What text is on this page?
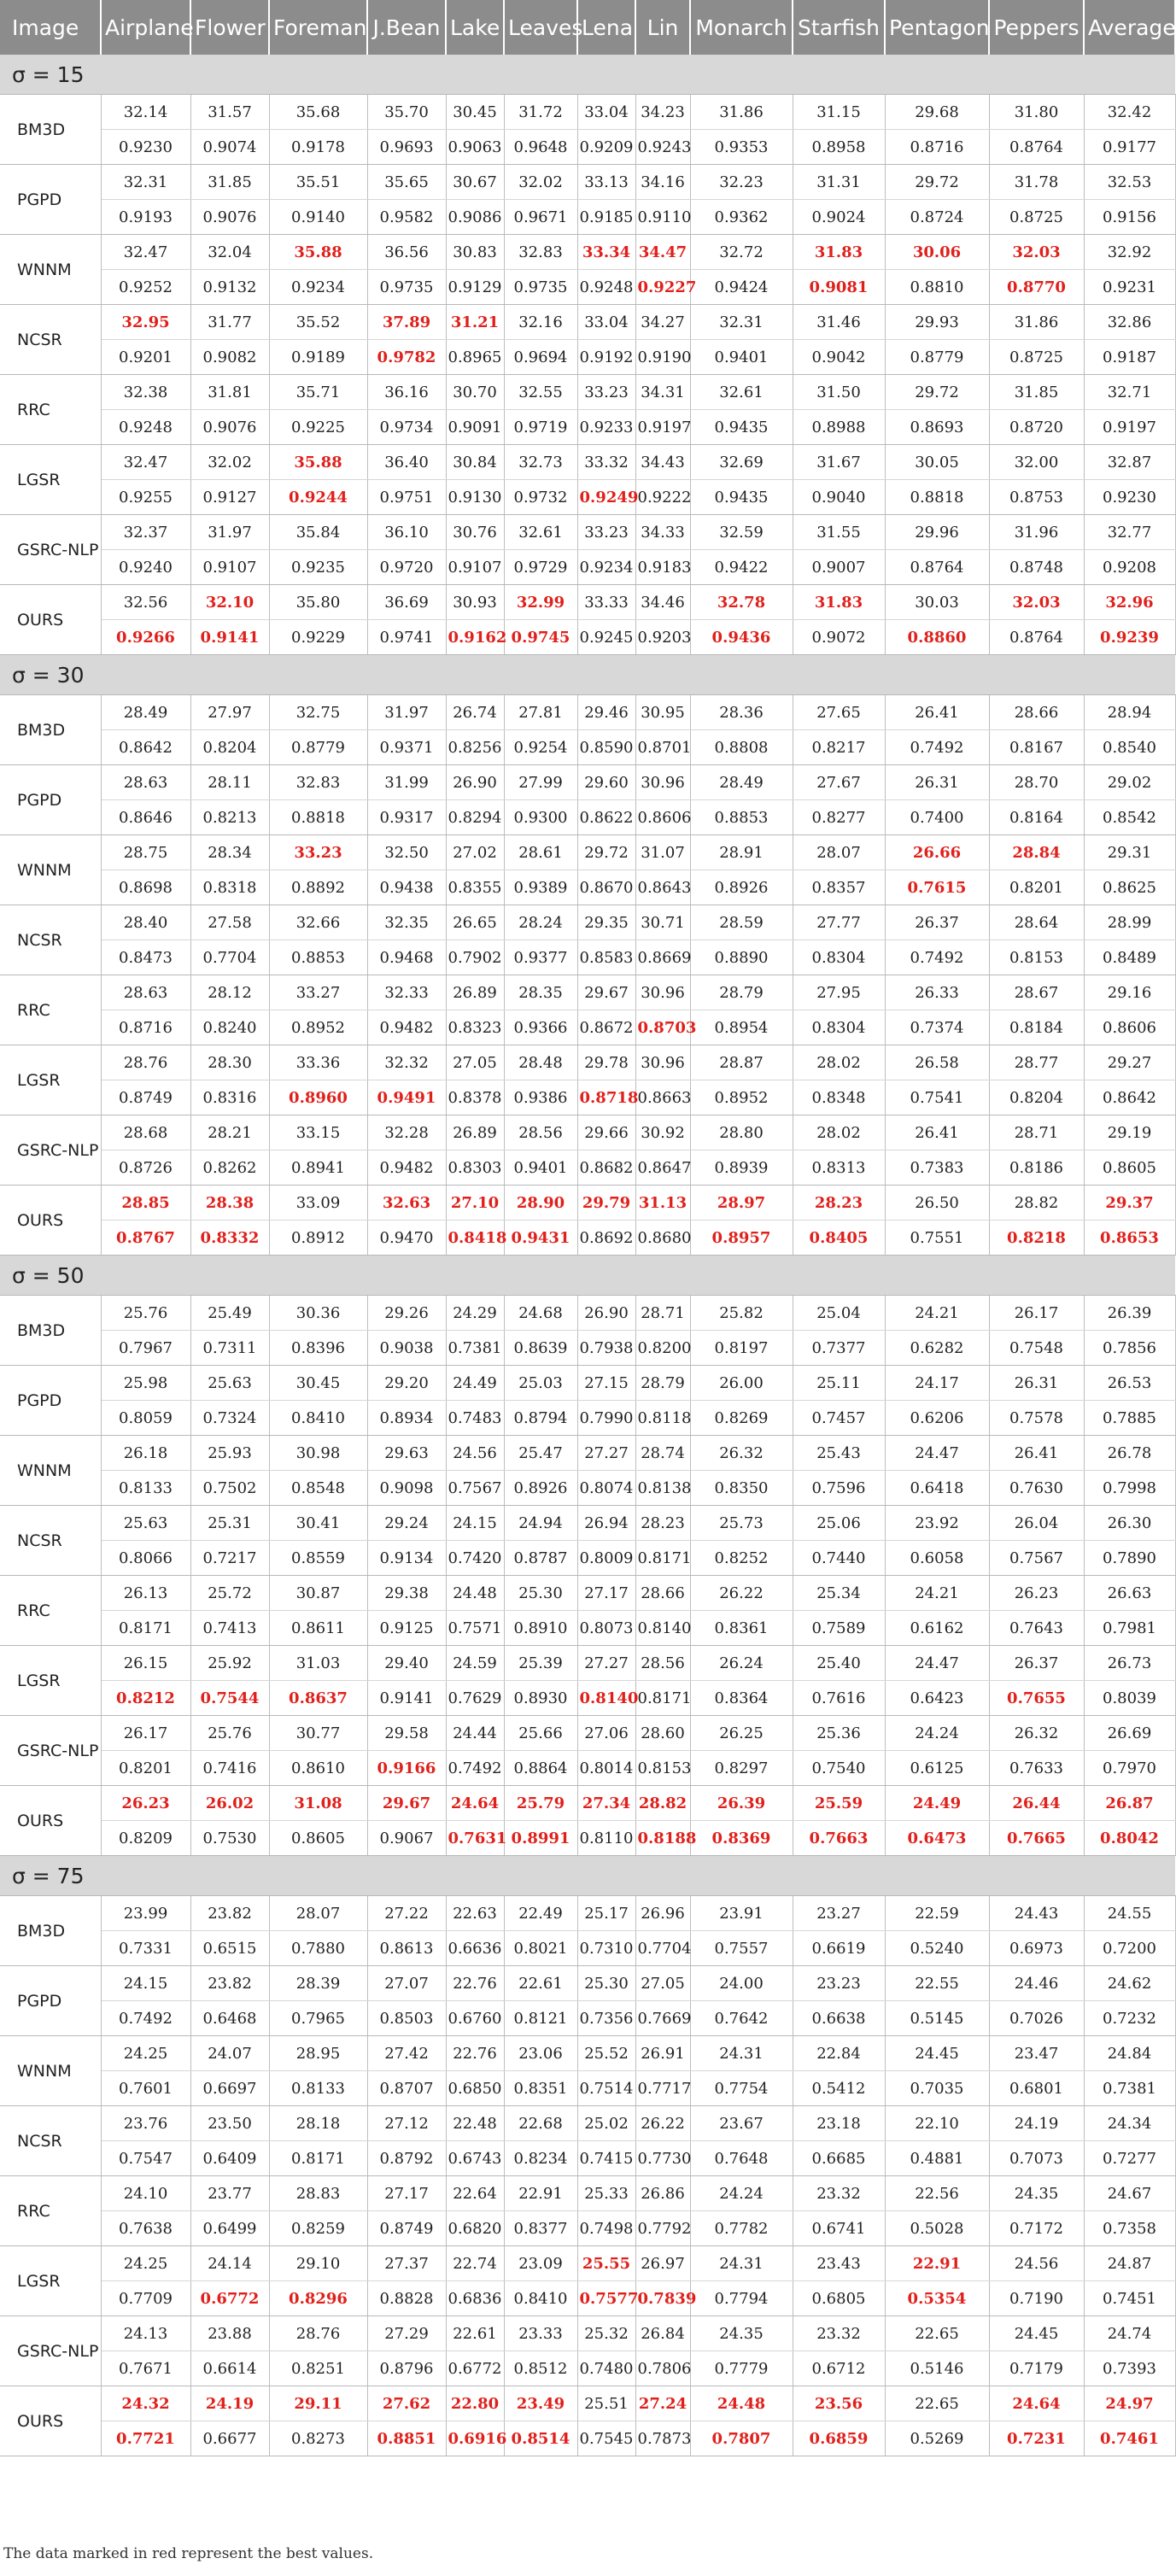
Image	Airplane	Flower	Foreman	J.Bean	Lake	Leaves	Lena	Lin	Monarch	Starfish	Pentagon	Peppers	Average
σ = 15													
BM3D	32.14	31.57	35.68	35.70	30.45	31.72	33.04	34.23	31.86	31.15	29.68	31.80	32.42
	0.9230	0.9074	0.9178	0.9693	0.9063	0.9648	0.9209	0.9243	0.9353	0.8958	0.8716	0.8764	0.9177
PGPD	32.31	31.85	35.51	35.65	30.67	32.02	33.13	34.16	32.23	31.31	29.72	31.78	32.53
	0.9193	0.9076	0.9140	0.9582	0.9086	0.9671	0.9185	0.9110	0.9362	0.9024	0.8724	0.8725	0.9156
WNNM	32.47	32.04	35.88	36.56	30.83	32.83	33.34	34.47	32.72	31.83	30.06	32.03	32.92
	0.9252	0.9132	0.9234	0.9735	0.9129	0.9735	0.9248	0.9227	0.9424	0.9081	0.8810	0.8770	0.9231
NCSR	32.95	31.77	35.52	37.89	31.21	32.16	33.04	34.27	32.31	31.46	29.93	31.86	32.86
	0.9201	0.9082	0.9189	0.9782	0.8965	0.9694	0.9192	0.9190	0.9401	0.9042	0.8779	0.8725	0.9187
RRC	32.38	31.81	35.71	36.16	30.70	32.55	33.23	34.31	32.61	31.50	29.72	31.85	32.71
	0.9248	0.9076	0.9225	0.9734	0.9091	0.9719	0.9233	0.9197	0.9435	0.8988	0.8693	0.8720	0.9197
LGSR	32.47	32.02	35.88	36.40	30.84	32.73	33.32	34.43	32.69	31.67	30.05	32.00	32.87
	0.9255	0.9127	0.9244	0.9751	0.9130	0.9732	0.9249	0.9222	0.9435	0.9040	0.8818	0.8753	0.9230
GSRC-NLP	32.37	31.97	35.84	36.10	30.76	32.61	33.23	34.33	32.59	31.55	29.96	31.96	32.77
	0.9240	0.9107	0.9235	0.9720	0.9107	0.9729	0.9234	0.9183	0.9422	0.9007	0.8764	0.8748	0.9208
OURS	32.56	32.10	35.80	36.69	30.93	32.99	33.33	34.46	32.78	31.83	30.03	32.03	32.96
	0.9266	0.9141	0.9229	0.9741	0.9162	0.9745	0.9245	0.9203	0.9436	0.9072	0.8860	0.8764	0.9239
σ = 30													
BM3D	28.49	27.97	32.75	31.97	26.74	27.81	29.46	30.95	28.36	27.65	26.41	28.66	28.94
	0.8642	0.8204	0.8779	0.9371	0.8256	0.9254	0.8590	0.8701	0.8808	0.8217	0.7492	0.8167	0.8540
PGPD	28.63	28.11	32.83	31.99	26.90	27.99	29.60	30.96	28.49	27.67	26.31	28.70	29.02
	0.8646	0.8213	0.8818	0.9317	0.8294	0.9300	0.8622	0.8606	0.8853	0.8277	0.7400	0.8164	0.8542
WNNM	28.75	28.34	33.23	32.50	27.02	28.61	29.72	31.07	28.91	28.07	26.66	28.84	29.31
	0.8698	0.8318	0.8892	0.9438	0.8355	0.9389	0.8670	0.8643	0.8926	0.8357	0.7615	0.8201	0.8625
NCSR	28.40	27.58	32.66	32.35	26.65	28.24	29.35	30.71	28.59	27.77	26.37	28.64	28.99
	0.8473	0.7704	0.8853	0.9468	0.7902	0.9377	0.8583	0.8669	0.8890	0.8304	0.7492	0.8153	0.8489
RRC	28.63	28.12	33.27	32.33	26.89	28.35	29.67	30.96	28.79	27.95	26.33	28.67	29.16
	0.8716	0.8240	0.8952	0.9482	0.8323	0.9366	0.8672	0.8703	0.8954	0.8304	0.7374	0.8184	0.8606
LGSR	28.76	28.30	33.36	32.32	27.05	28.48	29.78	30.96	28.87	28.02	26.58	28.77	29.27
	0.8749	0.8316	0.8960	0.9491	0.8378	0.9386	0.8718	0.8663	0.8952	0.8348	0.7541	0.8204	0.8642
GSRC-NLP	28.68	28.21	33.15	32.28	26.89	28.56	29.66	30.92	28.80	28.02	26.41	28.71	29.19
	0.8726	0.8262	0.8941	0.9482	0.8303	0.9401	0.8682	0.8647	0.8939	0.8313	0.7383	0.8186	0.8605
OURS	28.85	28.38	33.09	32.63	27.10	28.90	29.79	31.13	28.97	28.23	26.50	28.82	29.37
	0.8767	0.8332	0.8912	0.9470	0.8418	0.9431	0.8692	0.8680	0.8957	0.8405	0.7551	0.8218	0.8653
σ = 50													
BM3D	25.76	25.49	30.36	29.26	24.29	24.68	26.90	28.71	25.82	25.04	24.21	26.17	26.39
	0.7967	0.7311	0.8396	0.9038	0.7381	0.8639	0.7938	0.8200	0.8197	0.7377	0.6282	0.7548	0.7856
PGPD	25.98	25.63	30.45	29.20	24.49	25.03	27.15	28.79	26.00	25.11	24.17	26.31	26.53
	0.8059	0.7324	0.8410	0.8934	0.7483	0.8794	0.7990	0.8118	0.8269	0.7457	0.6206	0.7578	0.7885
WNNM	26.18	25.93	30.98	29.63	24.56	25.47	27.27	28.74	26.32	25.43	24.47	26.41	26.78
	0.8133	0.7502	0.8548	0.9098	0.7567	0.8926	0.8074	0.8138	0.8350	0.7596	0.6418	0.7630	0.7998
NCSR	25.63	25.31	30.41	29.24	24.15	24.94	26.94	28.23	25.73	25.06	23.92	26.04	26.30
	0.8066	0.7217	0.8559	0.9134	0.7420	0.8787	0.8009	0.8171	0.8252	0.7440	0.6058	0.7567	0.7890
RRC	26.13	25.72	30.87	29.38	24.48	25.30	27.17	28.66	26.22	25.34	24.21	26.23	26.63
	0.8171	0.7413	0.8611	0.9125	0.7571	0.8910	0.8073	0.8140	0.8361	0.7589	0.6162	0.7643	0.7981
LGSR	26.15	25.92	31.03	29.40	24.59	25.39	27.27	28.56	26.24	25.40	24.47	26.37	26.73
	0.8212	0.7544	0.8637	0.9141	0.7629	0.8930	0.8140	0.8171	0.8364	0.7616	0.6423	0.7655	0.8039
GSRC-NLP	26.17	25.76	30.77	29.58	24.44	25.66	27.06	28.60	26.25	25.36	24.24	26.32	26.69
	0.8201	0.7416	0.8610	0.9166	0.7492	0.8864	0.8014	0.8153	0.8297	0.7540	0.6125	0.7633	0.7970
OURS	26.23	26.02	31.08	29.67	24.64	25.79	27.34	28.82	26.39	25.59	24.49	26.44	26.87
	0.8209	0.7530	0.8605	0.9067	0.7631	0.8991	0.8110	0.8188	0.8369	0.7663	0.6473	0.7665	0.8042
σ = 75													
BM3D	23.99	23.82	28.07	27.22	22.63	22.49	25.17	26.96	23.91	23.27	22.59	24.43	24.55
	0.7331	0.6515	0.7880	0.8613	0.6636	0.8021	0.7310	0.7704	0.7557	0.6619	0.5240	0.6973	0.7200
PGPD	24.15	23.82	28.39	27.07	22.76	22.61	25.30	27.05	24.00	23.23	22.55	24.46	24.62
	0.7492	0.6468	0.7965	0.8503	0.6760	0.8121	0.7356	0.7669	0.7642	0.6638	0.5145	0.7026	0.7232
WNNM	24.25	24.07	28.95	27.42	22.76	23.06	25.52	26.91	24.31	22.84	24.45	23.47	24.84
	0.7601	0.6697	0.8133	0.8707	0.6850	0.8351	0.7514	0.7717	0.7754	0.5412	0.7035	0.6801	0.7381
NCSR	23.76	23.50	28.18	27.12	22.48	22.68	25.02	26.22	23.67	23.18	22.10	24.19	24.34
	0.7547	0.6409	0.8171	0.8792	0.6743	0.8234	0.7415	0.7730	0.7648	0.6685	0.4881	0.7073	0.7277
RRC	24.10	23.77	28.83	27.17	22.64	22.91	25.33	26.86	24.24	23.32	22.56	24.35	24.67
	0.7638	0.6499	0.8259	0.8749	0.6820	0.8377	0.7498	0.7792	0.7782	0.6741	0.5028	0.7172	0.7358
LGSR	24.25	24.14	29.10	27.37	22.74	23.09	25.55	26.97	24.31	23.43	22.91	24.56	24.87
	0.7709	0.6772	0.8296	0.8828	0.6836	0.8410	0.7577	0.7839	0.7794	0.6805	0.5354	0.7190	0.7451
GSRC-NLP	24.13	23.88	28.76	27.29	22.61	23.33	25.32	26.84	24.35	23.32	22.65	24.45	24.74
	0.7671	0.6614	0.8251	0.8796	0.6772	0.8512	0.7480	0.7806	0.7779	0.6712	0.5146	0.7179	0.7393
OURS	24.32	24.19	29.11	27.62	22.80	23.49	25.51	27.24	24.48	23.56	22.65	24.64	24.97
	0.7721	0.6677	0.8273	0.8851	0.6916	0.8514	0.7545	0.7873	0.7807	0.6859	0.5269	0.7231	0.7461
The data marked in red represent the best values.
